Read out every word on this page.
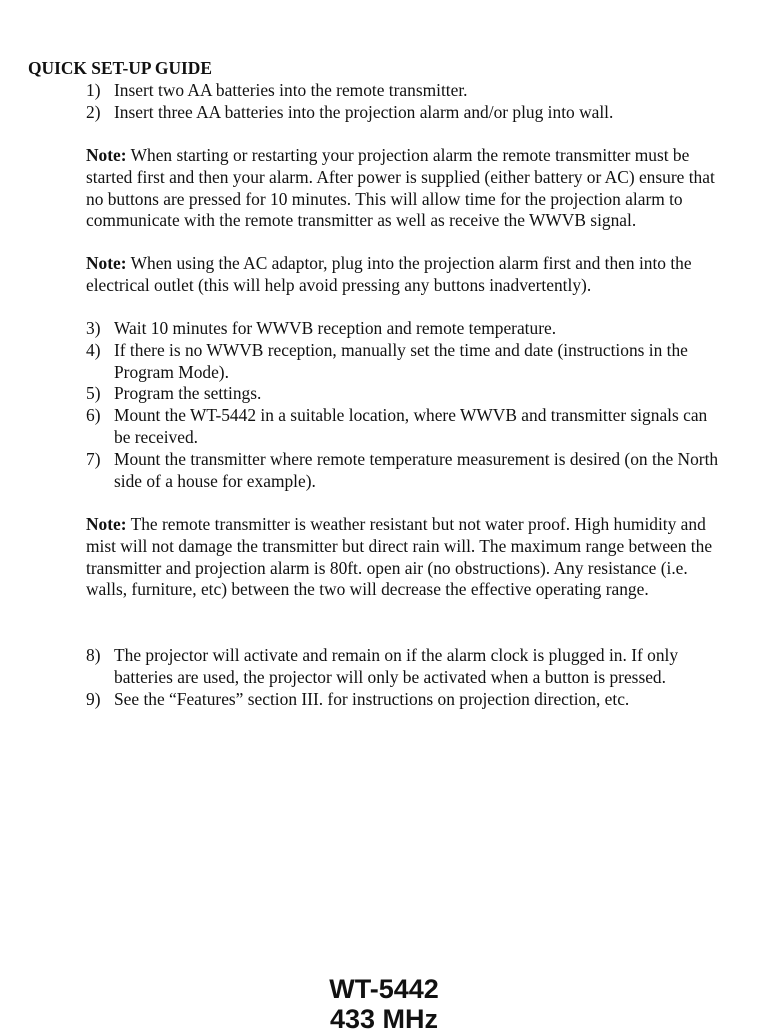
QUICK SET-UP GUIDE
1) Insert two AA batteries into the remote transmitter.
2) Insert three AA batteries into the projection alarm and/or plug into wall.

Note: When starting or restarting your projection alarm the remote transmitter must be started first and then your alarm. After power is supplied (either battery or AC) ensure that no buttons are pressed for 10 minutes. This will allow time for the projection alarm to communicate with the remote transmitter as well as receive the WWVB signal.

Note: When using the AC adaptor, plug into the projection alarm first and then into the electrical outlet (this will help avoid pressing any buttons inadvertently).

3) Wait 10 minutes for WWVB reception and remote temperature.
4) If there is no WWVB reception, manually set the time and date (instructions in the Program Mode).
5) Program the settings.
6) Mount the WT-5442 in a suitable location, where WWVB and transmitter signals can be received.
7) Mount the transmitter where remote temperature measurement is desired (on the North side of a house for example).

Note: The remote transmitter is weather resistant but not water proof. High humidity and mist will not damage the transmitter but direct rain will. The maximum range between the transmitter and projection alarm is 80ft. open air (no obstructions). Any resistance (i.e. walls, furniture, etc) between the two will decrease the effective operating range.

8) The projector will activate and remain on if the alarm clock is plugged in. If only batteries are used, the projector will only be activated when a button is pressed.
9) See the “Features” section III. for instructions on projection direction, etc.
WT-5442
433 MHz
